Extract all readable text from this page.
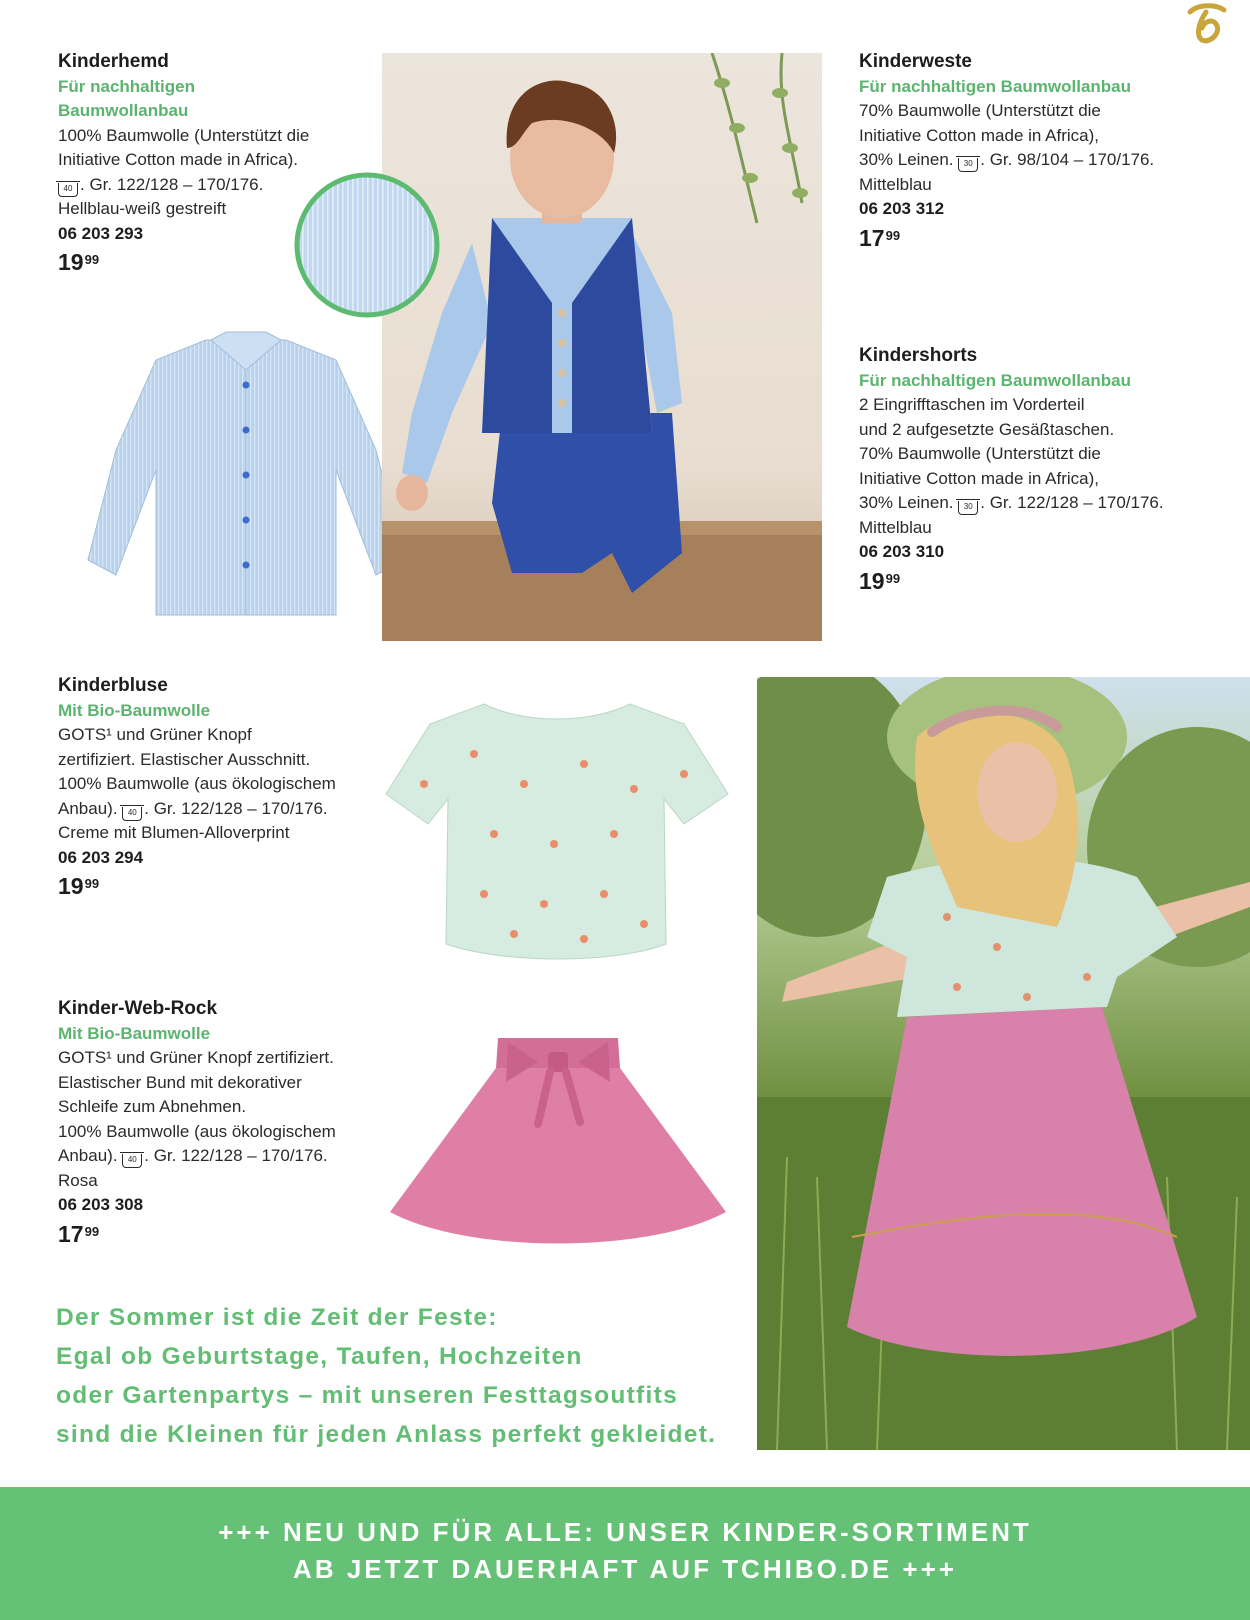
Kinderhemd
Für nachhaltigen
Baumwollanbau
100% Baumwolle (Unterstützt die
Initiative Cotton made in Africa).
40 . Gr. 122/128 – 170/176.
Hellblau-weiß gestreift
06 203 293
$19^{99}$
Kinderweste
Für nachhaltigen Baumwollanbau
70% Baumwolle (Unterstützt die
Initiative Cotton made in Africa),
30% Leinen. 30 . Gr. 98/104 – 170/176.
Mittelblau
06 203 312
$17^{99}$
Kindershorts
Für nachhaltigen Baumwollanbau
2 Eingrifftaschen im Vorderteil
und 2 aufgesetzte Gesäßtaschen.
70% Baumwolle (Unterstützt die
Initiative Cotton made in Africa),
30% Leinen. 30 . Gr. 122/128 – 170/176.
Mittelblau
06 203 310
$19^{99}$
Kinderbluse
Mit Bio-Baumwolle
GOTS¹ und Grüner Knopf
zertifiziert. Elastischer Ausschnitt.
100% Baumwolle (aus ökologischem
Anbau). 40 . Gr. 122/128 – 170/176.
Creme mit Blumen-Alloverprint
06 203 294
$19^{99}$
Kinder-Web-Rock
Mit Bio-Baumwolle
GOTS¹ und Grüner Knopf zertifiziert.
Elastischer Bund mit dekorativer
Schleife zum Abnehmen.
100% Baumwolle (aus ökologischem
Anbau). 40 . Gr. 122/128 – 170/176.
Rosa
06 203 308
$17^{99}$
Der Sommer ist die Zeit der Feste:
Egal ob Geburtstage, Taufen, Hochzeiten
oder Gartenpartys – mit unseren Festtagsoutfits
sind die Kleinen für jeden Anlass perfekt gekleidet.
+++ NEU UND FÜR ALLE: UNSER KINDER-SORTIMENT
AB JETZT DAUERHAFT AUF TCHIBO.DE +++
